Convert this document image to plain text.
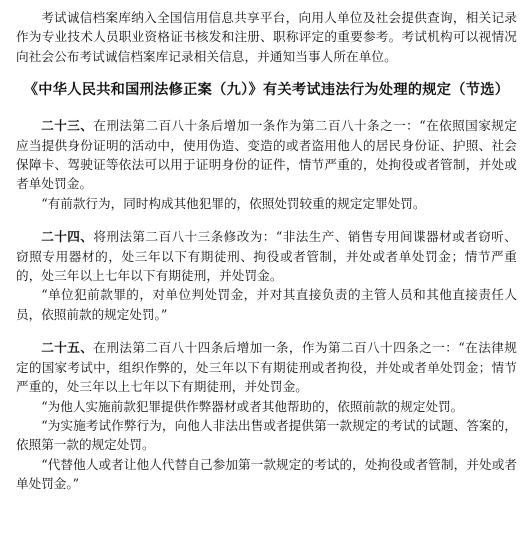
考试诚信档案库纳入全国信用信息共享平台，向用人单位及社会提供查询，相关记录作为专业技术人员职业资格证书核发和注册、职称评定的重要参考。考试机构可以视情况向社会公布考试诚信档案库记录相关信息，并通知当事人所在单位。

《中华人民共和国刑法修正案（九）》有关考试违法行为处理的规定（节选）

二十三、在刑法第二百八十条后增加一条作为第二百八十条之一：“在依照国家规定应当提供身份证明的活动中，使用伪造、变造的或者盗用他人的居民身份证、护照、社会保障卡、驾驶证等依法可以用于证明身份的证件，情节严重的，处拘役或者管制，并处或者单处罚金。

“有前款行为，同时构成其他犯罪的，依照处罚较重的规定定罪处罚。

二十四、将刑法第二百八十三条修改为：“非法生产、销售专用间谍器材或者窃听、窃照专用器材的，处三年以下有期徒刑、拘役或者管制，并处或者单处罚金；情节严重的，处三年以上七年以下有期徒刑，并处罚金。

“单位犯前款罪的，对单位判处罚金，并对其直接负责的主管人员和其他直接责任人员，依照前款的规定处罚。”

二十五、在刑法第二百八十四条后增加一条，作为第二百八十四条之一：“在法律规定的国家考试中，组织作弊的，处三年以下有期徒刑或者拘役，并处或者单处罚金；情节严重的，处三年以上七年以下有期徒刑，并处罚金。

“为他人实施前款犯罪提供作弊器材或者其他帮助的，依照前款的规定处罚。

“为实施考试作弊行为，向他人非法出售或者提供第一款规定的考试的试题、答案的，依照第一款的规定处罚。

“代替他人或者让他人代替自己参加第一款规定的考试的，处拘役或者管制，并处或者单处罚金。”
